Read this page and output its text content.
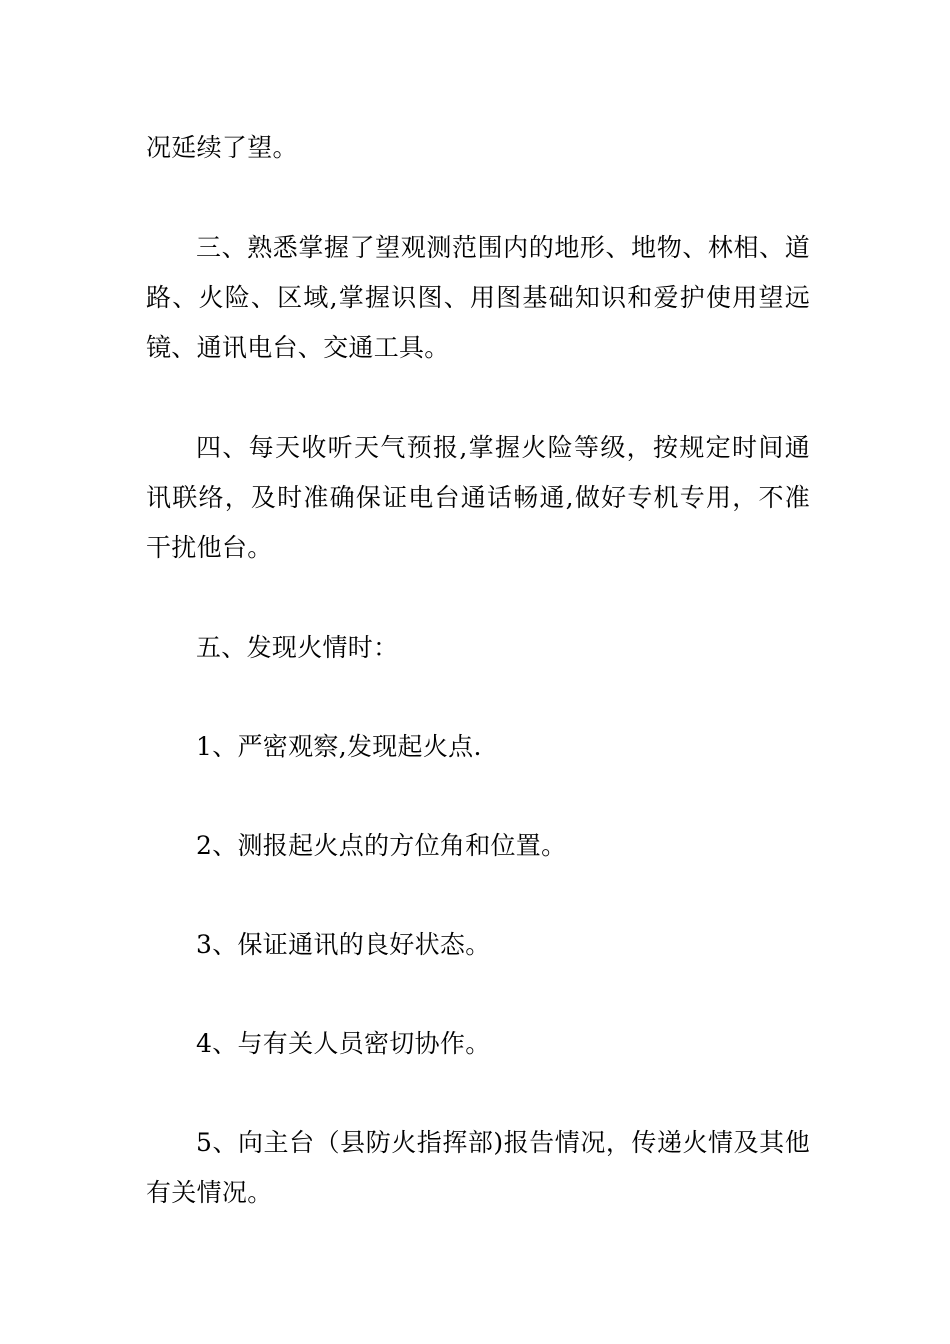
况延续了望。

三、熟悉掌握了望观测范围内的地形、地物、林相、道路、火险、区域,掌握识图、用图基础知识和爱护使用望远镜、通讯电台、交通工具。

四、每天收听天气预报,掌握火险等级，按规定时间通讯联络，及时准确保证电台通话畅通,做好专机专用，不准干扰他台。

五、发现火情时：

1、严密观察,发现起火点.

2、测报起火点的方位角和位置。

3、保证通讯的良好状态。

4、与有关人员密切协作。

5、向主台（县防火指挥部)报告情况，传递火情及其他有关情况。
